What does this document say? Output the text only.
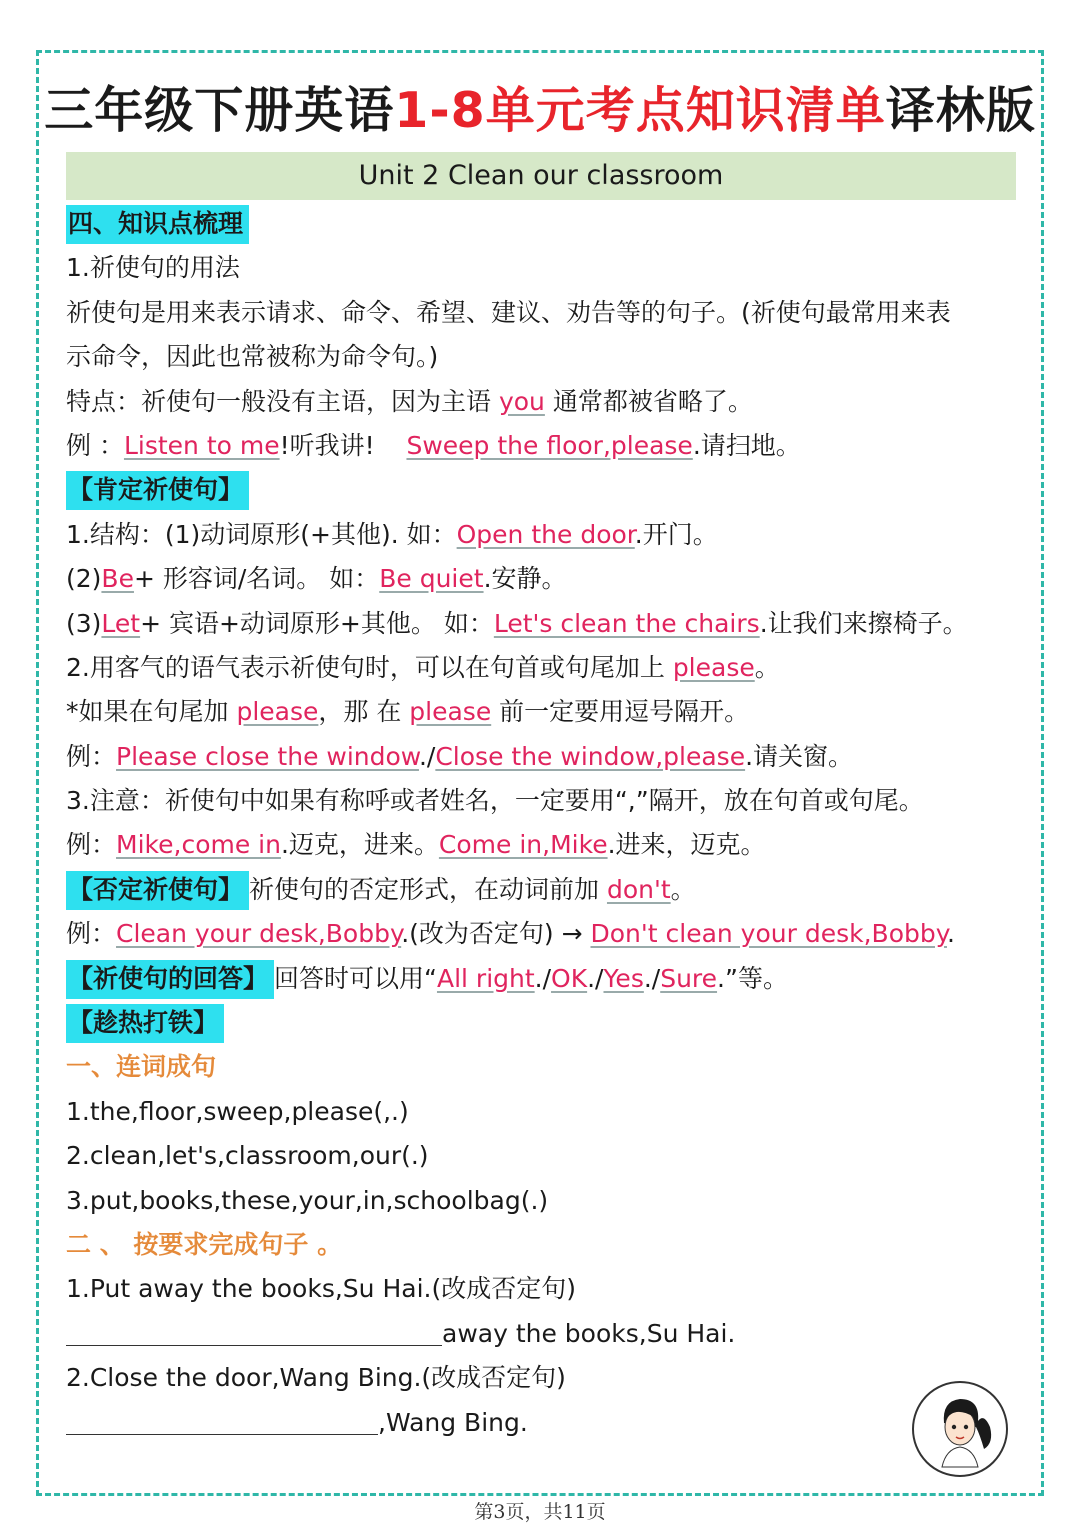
三年级下册英语1-8单元考点知识清单译林版
Unit 2 Clean our classroom
四、知识点梳理
1.祈使句的用法
祈使句是用来表示请求、命令、希望、建议、劝告等的句子。(祈使句最常用来表
示命令，因此也常被称为命令句。)
特点：祈使句一般没有主语，因为主语 you 通常都被省略了。
例 ：Listen to me!听我讲!    Sweep the floor,please.请扫地。
【肯定祈使句】
1.结构：(1)动词原形(+其他). 如：Open the door.开门。
(2)Be+ 形容词/名词。 如：Be quiet.安静。
(3)Let+ 宾语+动词原形+其他。 如：Let's clean the chairs.让我们来擦椅子。
2.用客气的语气表示祈使句时，可以在句首或句尾加上 please。
*如果在句尾加 please，那 在 please 前一定要用逗号隔开。
例：Please close the window./Close the window,please.请关窗。
3.注意：祈使句中如果有称呼或者姓名，一定要用“,”隔开，放在句首或句尾。
例：Mike,come in.迈克，进来。Come in,Mike.进来，迈克。
【否定祈使句】 祈使句的否定形式，在动词前加 don't。
例：Clean your desk,Bobby.(改为否定句) → Don't clean your desk,Bobby.
【祈使句的回答】 回答时可以用“All right./OK./Yes./Sure.”等。
【趁热打铁】
一、连词成句
1.the,floor,sweep,please(,.)
2.clean,let's,classroom,our(.)
3.put,books,these,your,in,schoolbag(.)
二 、 按要求完成句子 。
1.Put away the books,Su Hai.(改成否定句)
away the books,Su Hai.
2.Close the door,Wang Bing.(改成否定句)
,Wang Bing.
第3页，共11页
